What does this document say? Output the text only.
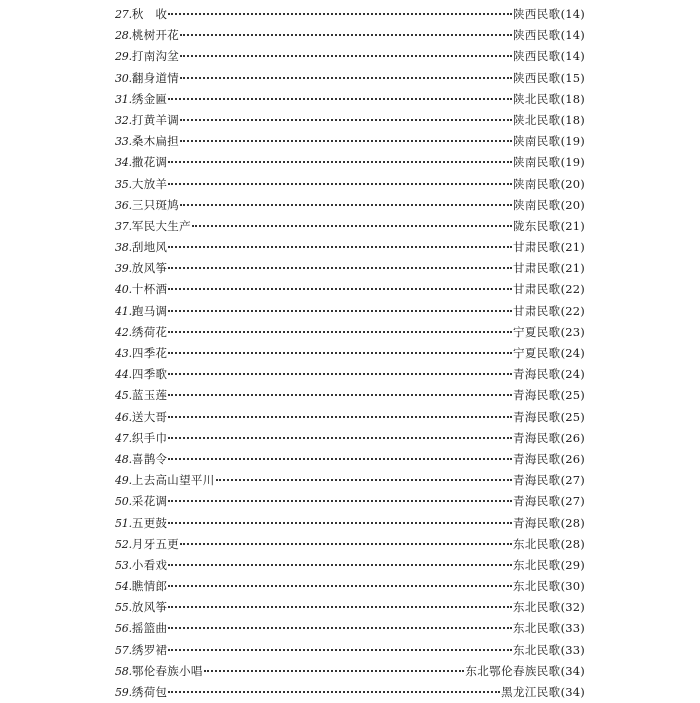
27. 秋　收	陕西民歌 (14)
28. 桃树开花	陕西民歌 (14)
29. 打南沟坌	陕西民歌 (14)
30. 翻身道情	陕西民歌 (15)
31. 绣金匾	陕北民歌 (18)
32. 打黄羊调	陕北民歌 (18)
33. 桑木扁担	陕南民歌 (19)
34. 撒花调	陕南民歌 (19)
35. 大放羊	陕南民歌 (20)
36. 三只斑鸠	陕南民歌 (20)
37. 军民大生产	陇东民歌 (21)
38. 刮地风	甘肃民歌 (21)
39. 放风筝	甘肃民歌 (21)
40. 十杯酒	甘肃民歌 (22)
41. 跑马调	甘肃民歌 (22)
42. 绣荷花	宁夏民歌 (23)
43. 四季花	宁夏民歌 (24)
44. 四季歌	青海民歌 (24)
45. 蓝玉莲	青海民歌 (25)
46. 送大哥	青海民歌 (25)
47. 织手巾	青海民歌 (26)
48. 喜鹊令	青海民歌 (26)
49. 上去高山望平川	青海民歌 (27)
50. 采花调	青海民歌 (27)
51. 五更鼓	青海民歌 (28)
52. 月牙五更	东北民歌 (28)
53. 小看戏	东北民歌 (29)
54. 瞧情郎	东北民歌 (30)
55. 放风筝	东北民歌 (32)
56. 摇篮曲	东北民歌 (33)
57. 绣罗裙	东北民歌 (33)
58. 鄂伦春族小唱	东北鄂伦春族民歌 (34)
59. 绣荷包	黑龙江民歌 (34)
